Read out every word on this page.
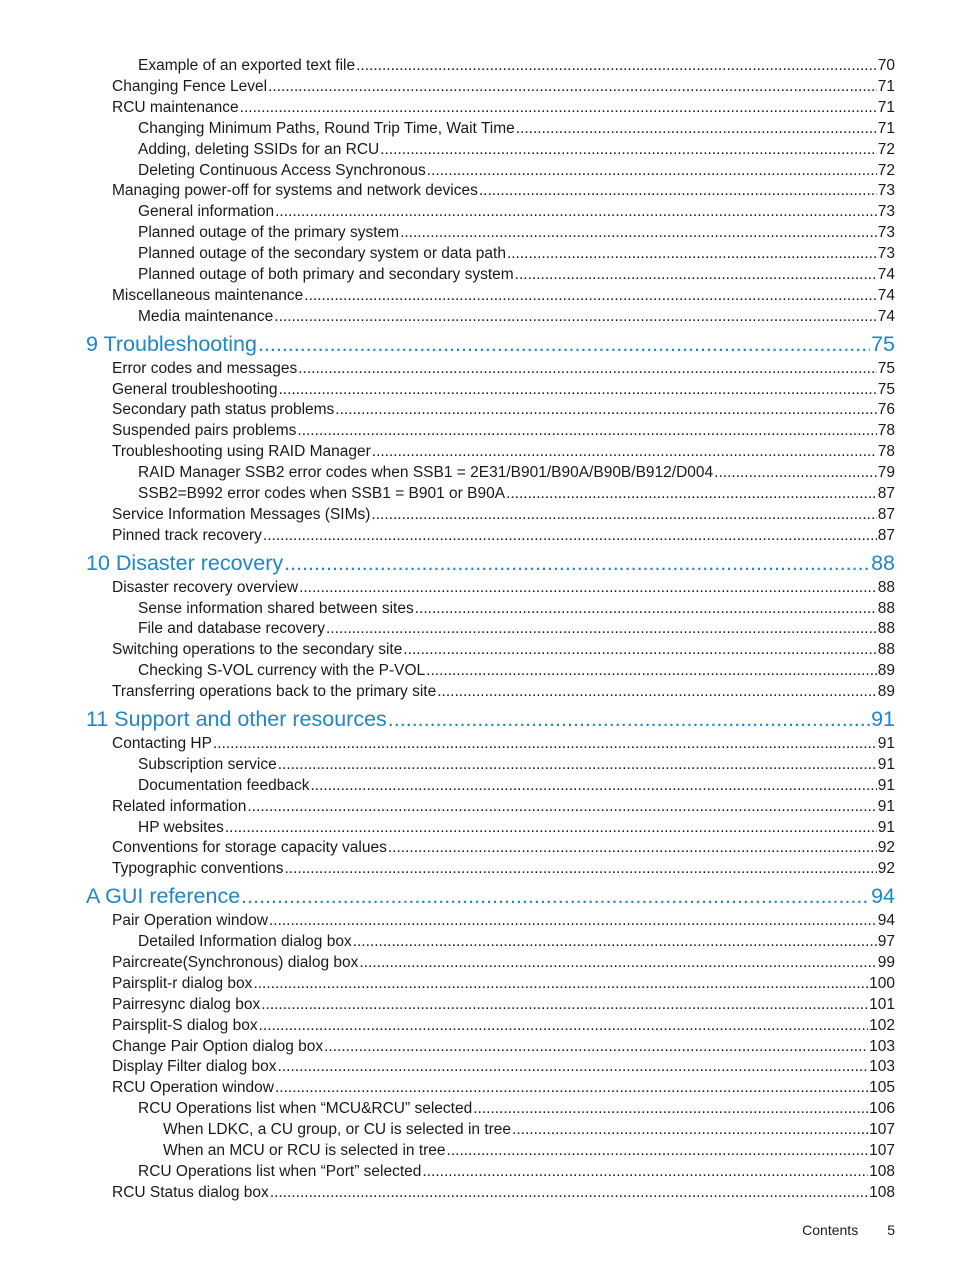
Example of an exported text file .....	70
Changing Fence Level .....	71
RCU maintenance .....	71
Changing Minimum Paths, Round Trip Time, Wait Time .....	71
Adding, deleting SSIDs for an RCU .....	72
Deleting Continuous Access Synchronous .....	72
Managing power-off for systems and network devices .....	73
General information .....	73
Planned outage of the primary system .....	73
Planned outage of the secondary system or data path .....	73
Planned outage of both primary and secondary system .....	74
Miscellaneous maintenance .....	74
Media maintenance .....	74
9 Troubleshooting .....	75
Error codes and messages .....	75
General troubleshooting .....	75
Secondary path status problems .....	76
Suspended pairs problems .....	78
Troubleshooting using RAID Manager .....	78
RAID Manager SSB2 error codes when SSB1 = 2E31/B901/B90A/B90B/B912/D004 .....	79
SSB2=B992 error codes when SSB1 = B901 or B90A .....	87
Service Information Messages (SIMs) .....	87
Pinned track recovery .....	87
10 Disaster recovery .....	88
Disaster recovery overview .....	88
Sense information shared between sites .....	88
File and database recovery .....	88
Switching operations to the secondary site .....	88
Checking S-VOL currency with the P-VOL .....	89
Transferring operations back to the primary site .....	89
11 Support and other resources .....	91
Contacting HP .....	91
Subscription service .....	91
Documentation feedback .....	91
Related information .....	91
HP websites .....	91
Conventions for storage capacity values .....	92
Typographic conventions .....	92
A GUI reference .....	94
Pair Operation window .....	94
Detailed Information dialog box .....	97
Paircreate(Synchronous) dialog box .....	99
Pairsplit-r dialog box .....	100
Pairresync dialog box .....	101
Pairsplit-S dialog box .....	102
Change Pair Option dialog box .....	103
Display Filter dialog box .....	103
RCU Operation window .....	105
RCU Operations list when “MCU&RCU” selected .....	106
When LDKC, a CU group, or CU is selected in tree .....	107
When an MCU or RCU is selected in tree .....	107
RCU Operations list when “Port” selected .....	108
RCU Status dialog box .....	108
Contents 5
